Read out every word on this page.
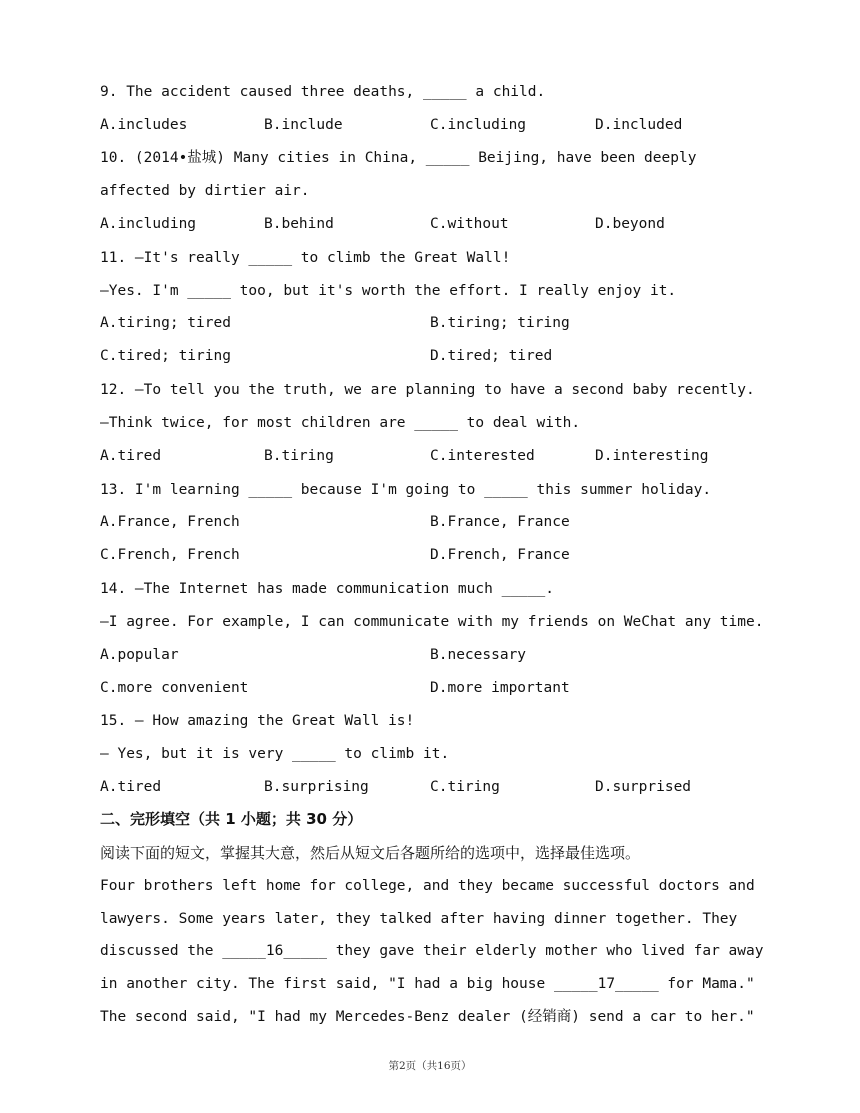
9. The accident caused three deaths, _____ a child.
A.includes	B.include	C.including	D.included
10. (2014•盐城) Many cities in China, _____ Beijing, have been deeply
affected by dirtier air.
A.including	B.behind	C.without	D.beyond
11. —It's really _____ to climb the Great Wall!
—Yes. I'm _____ too, but it's worth the effort. I really enjoy it.
A.tiring; tired	B.tiring; tiring
C.tired; tiring	D.tired; tired
12. —To tell you the truth, we are planning to have a second baby recently.
—Think twice, for most children are _____ to deal with.
A.tired	B.tiring	C.interested	D.interesting
13. I'm learning _____ because I'm going to _____ this summer holiday.
A.France, French	B.France, France
C.French, French	D.French, France
14. —The Internet has made communication much _____.
—I agree. For example, I can communicate with my friends on WeChat any time.
A.popular	B.necessary
C.more convenient	D.more important
15. — How amazing the Great Wall is!
— Yes, but it is very _____ to climb it.
A.tired	B.surprising	C.tiring	D.surprised
二、完形填空（共 1 小题；共 30 分）
阅读下面的短文，掌握其大意，然后从短文后各题所给的选项中，选择最佳选项。
Four brothers left home for college, and they became successful doctors and
lawyers. Some years later, they talked after having dinner together. They
discussed the _____16_____ they gave their elderly mother who lived far away
in another city. The first said, "I had a big house _____17_____ for Mama."
The second said, "I had my Mercedes-Benz dealer (经销商) send a car to her."
第2页（共16页）
